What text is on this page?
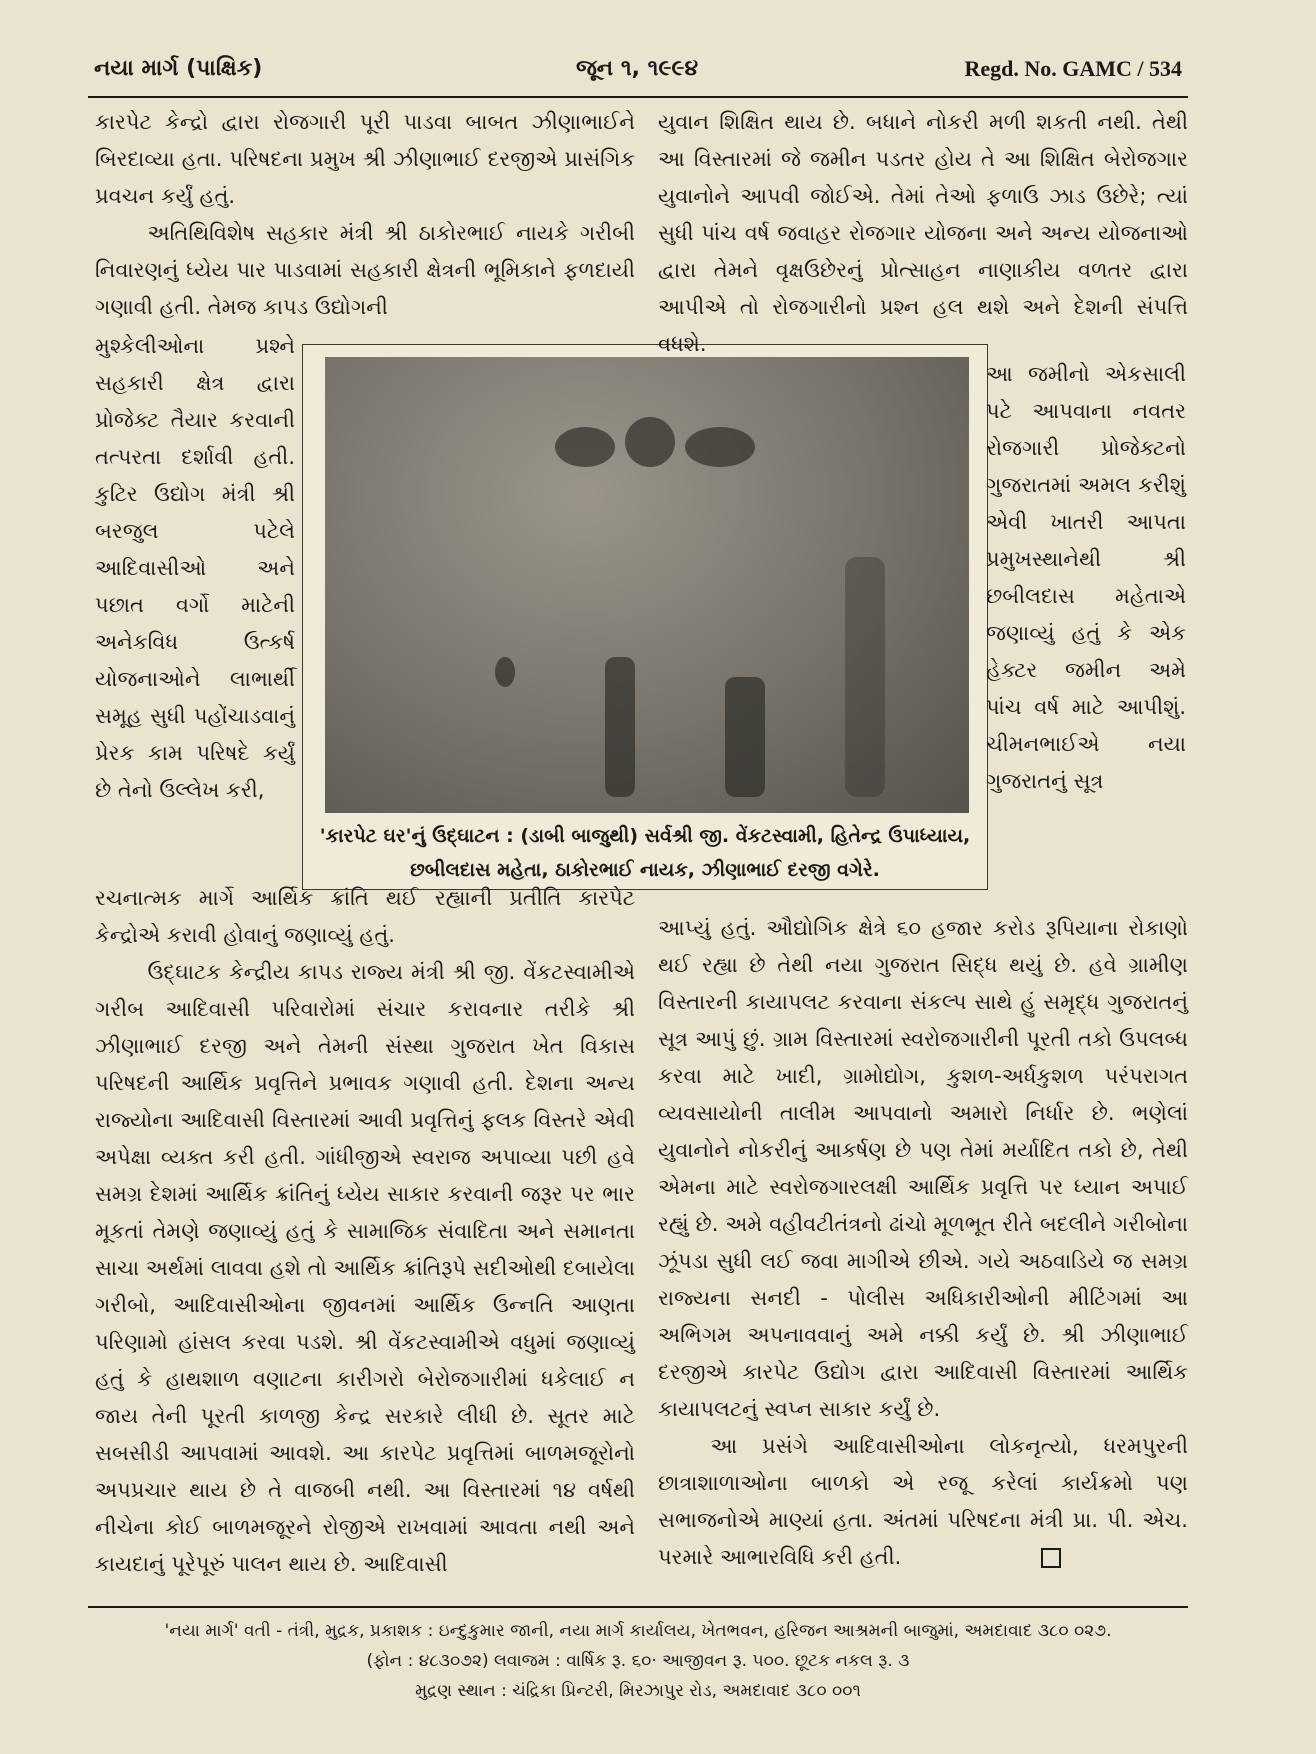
નયા માર્ગ (પાક્ષિક)	જૂન ૧, ૧૯૯૪	Regd. No. GAMC / 534

કારપેટ કેન્દ્રો દ્વારા રોજગારી પૂરી પાડવા બાબત ઝીણાભાઈને બિરદાવ્યા હતા. પરિષદના પ્રમુખ શ્રી ઝીણાભાઈ દરજીએ પ્રાસંગિક પ્રવચન કર્યું હતું.

અતિથિવિશેષ સહકાર મંત્રી શ્રી ઠાકોરભાઈ નાયકે ગરીબી નિવારણનું ધ્યેય પાર પાડવામાં સહકારી ક્ષેત્રની ભૂમિકાને ફળદાયી ગણાવી હતી. તેમજ કાપડ ઉદ્યોગની

મુશ્કેલીઓના પ્રશ્ને સહકારી ક્ષેત્ર દ્વારા પ્રોજેક્ટ તૈયાર કરવાની તત્પરતા દર્શાવી હતી. કુટિર ઉદ્યોગ મંત્રી શ્રી બરજુલ પટેલે આદિવાસીઓ અને પછાત વર્ગો માટેની અનેકવિધ ઉત્કર્ષ યોજનાઓને લાભાર્થી સમૂહ સુધી પહોંચાડવાનું પ્રેરક કામ પરિષદે કર્યું છે તેનો ઉલ્લેખ કરી,

'કારપેટ ઘર'નું ઉદ્ઘાટન : (ડાબી બાજુથી) સર્વશ્રી જી. વેંકટસ્વામી, હિતેન્દ્ર ઉપાધ્યાય,
છબીલદાસ મહેતા, ઠાકોરભાઈ નાયક, ઝીણાભાઈ દરજી વગેરે.

યુવાન શિક્ષિત થાય છે. બધાને નોકરી મળી શકતી નથી. તેથી આ વિસ્તારમાં જે જમીન પડતર હોય તે આ શિક્ષિત બેરોજગાર યુવાનોને આપવી જોઈએ. તેમાં તેઓ ફળાઉ ઝાડ ઉછેરે; ત્યાં સુધી પાંચ વર્ષ જવાહર રોજગાર યોજના અને અન્ય યોજનાઓ દ્વારા તેમને વૃક્ષઉછેરનું પ્રોત્સાહન નાણાકીય વળતર દ્વારા આપીએ તો રોજગારીનો પ્રશ્ન હલ થશે અને દેશની સંપત્તિ વધશે.

આ જમીનો એકસાલી પટે આપવાના નવતર રોજગારી પ્રોજેક્ટનો ગુજરાતમાં અમલ કરીશું એવી ખાતરી આપતા પ્રમુખસ્થાનેથી શ્રી છબીલદાસ મહેતાએ જણાવ્યું હતું કે એક હેક્ટર જમીન અમે પાંચ વર્ષ માટે આપીશું. ચીમનભાઈએ નયા ગુજરાતનું સૂત્ર

રચનાત્મક માર્ગે આર્થિક ક્રાંતિ થઈ રહ્યાની પ્રતીતિ કારપેટ કેન્દ્રોએ કરાવી હોવાનું જણાવ્યું હતું.

ઉદ્ઘાટક કેન્દ્રીય કાપડ રાજ્ય મંત્રી શ્રી જી. વેંકટસ્વામીએ ગરીબ આદિવાસી પરિવારોમાં સંચાર કરાવનાર તરીકે શ્રી ઝીણાભાઈ દરજી અને તેમની સંસ્થા ગુજરાત ખેત વિકાસ પરિષદની આર્થિક પ્રવૃત્તિને પ્રભાવક ગણાવી હતી. દેશના અન્ય રાજ્યોના આદિવાસી વિસ્તારમાં આવી પ્રવૃત્તિનું ફલક વિસ્તરે એવી અપેક્ષા વ્યક્ત કરી હતી. ગાંધીજીએ સ્વરાજ અપાવ્યા પછી હવે સમગ્ર દેશમાં આર્થિક ક્રાંતિનું ધ્યેય સાકાર કરવાની જરૂર પર ભાર મૂકતાં તેમણે જણાવ્યું હતું કે સામાજિક સંવાદિતા અને સમાનતા સાચા અર્થમાં લાવવા હશે તો આર્થિક ક્રાંતિરૂપે સદીઓથી દબાયેલા ગરીબો, આદિવાસીઓના જીવનમાં આર્થિક ઉન્નતિ આણતા પરિણામો હાંસલ કરવા પડશે. શ્રી વેંકટસ્વામીએ વધુમાં જણાવ્યું હતું કે હાથશાળ વણાટના કારીગરો બેરોજગારીમાં ધકેલાઈ ન જાય તેની પૂરતી કાળજી કેન્દ્ર સરકારે લીધી છે. સૂતર માટે સબસીડી આપવામાં આવશે. આ કારપેટ પ્રવૃત્તિમાં બાળમજૂરોનો અપપ્રચાર થાય છે તે વાજબી નથી. આ વિસ્તારમાં ૧૪ વર્ષથી નીચેના કોઈ બાળમજૂરને રોજીએ રાખવામાં આવતા નથી અને કાયદાનું પૂરેપૂરું પાલન થાય છે. આદિવાસી

આપ્યું હતું. ઔદ્યોગિક ક્ષેત્રે ૬૦ હજાર કરોડ રૂપિયાના રોકાણો થઈ રહ્યા છે તેથી નયા ગુજરાત સિદ્ધ થયું છે. હવે ગ્રામીણ વિસ્તારની કાયાપલટ કરવાના સંકલ્પ સાથે હું સમૃદ્ધ ગુજરાતનું સૂત્ર આપું છું. ગ્રામ વિસ્તારમાં સ્વરોજગારીની પૂરતી તકો ઉપલબ્ધ કરવા માટે ખાદી, ગ્રામોદ્યોગ, કુશળ-અર્ધકુશળ પરંપરાગત વ્યવસાયોની તાલીમ આપવાનો અમારો નિર્ધાર છે. ભણેલાં યુવાનોને નોકરીનું આકર્ષણ છે પણ તેમાં મર્યાદિત તકો છે, તેથી એમના માટે સ્વરોજગારલક્ષી આર્થિક પ્રવૃત્તિ પર ધ્યાન અપાઈ રહ્યું છે. અમે વહીવટીતંત્રનો ઢાંચો મૂળભૂત રીતે બદલીને ગરીબોના ઝૂંપડા સુધી લઈ જવા માગીએ છીએ. ગયે અઠવાડિયે જ સમગ્ર રાજ્યના સનદી - પોલીસ અધિકારીઓની મીટિંગમાં આ અભિગમ અપનાવવાનું અમે નક્કી કર્યું છે. શ્રી ઝીણાભાઈ દરજીએ કારપેટ ઉદ્યોગ દ્વારા આદિવાસી વિસ્તારમાં આર્થિક કાયાપલટનું સ્વપ્ન સાકાર કર્યું છે.

આ પ્રસંગે આદિવાસીઓના લોકનૃત્યો, ધરમપુરની છાત્રાશાળાઓના બાળકો એ રજૂ કરેલાં કાર્યક્રમો પણ સભાજનોએ માણ્યાં હતા. અંતમાં પરિષદના મંત્રી પ્રા. પી. એચ. પરમારે આભારવિધિ કરી હતી.

'નયા માર્ગ' વતી - તંત્રી, મુદ્રક, પ્રકાશક : ઇન્દુકુમાર જાની, નયા માર્ગ કાર્યાલય, ખેતભવન, હરિજન આશ્રમની બાજુમાં, અમદાવાદ ૩૮૦ ૦૨૭.
(ફોન : ૪૮૩૦૭૨) લવાજમ : વાર્ષિક રૂ. ૬૦· આજીવન રૂ. ૫૦૦. છૂટક નકલ રૂ. ૩
મુદ્રણ સ્થાન : ચંદ્રિકા પ્રિન્ટરી, મિરઝાપુર રોડ, અમદાવાદ ૩૮૦ ૦૦૧
